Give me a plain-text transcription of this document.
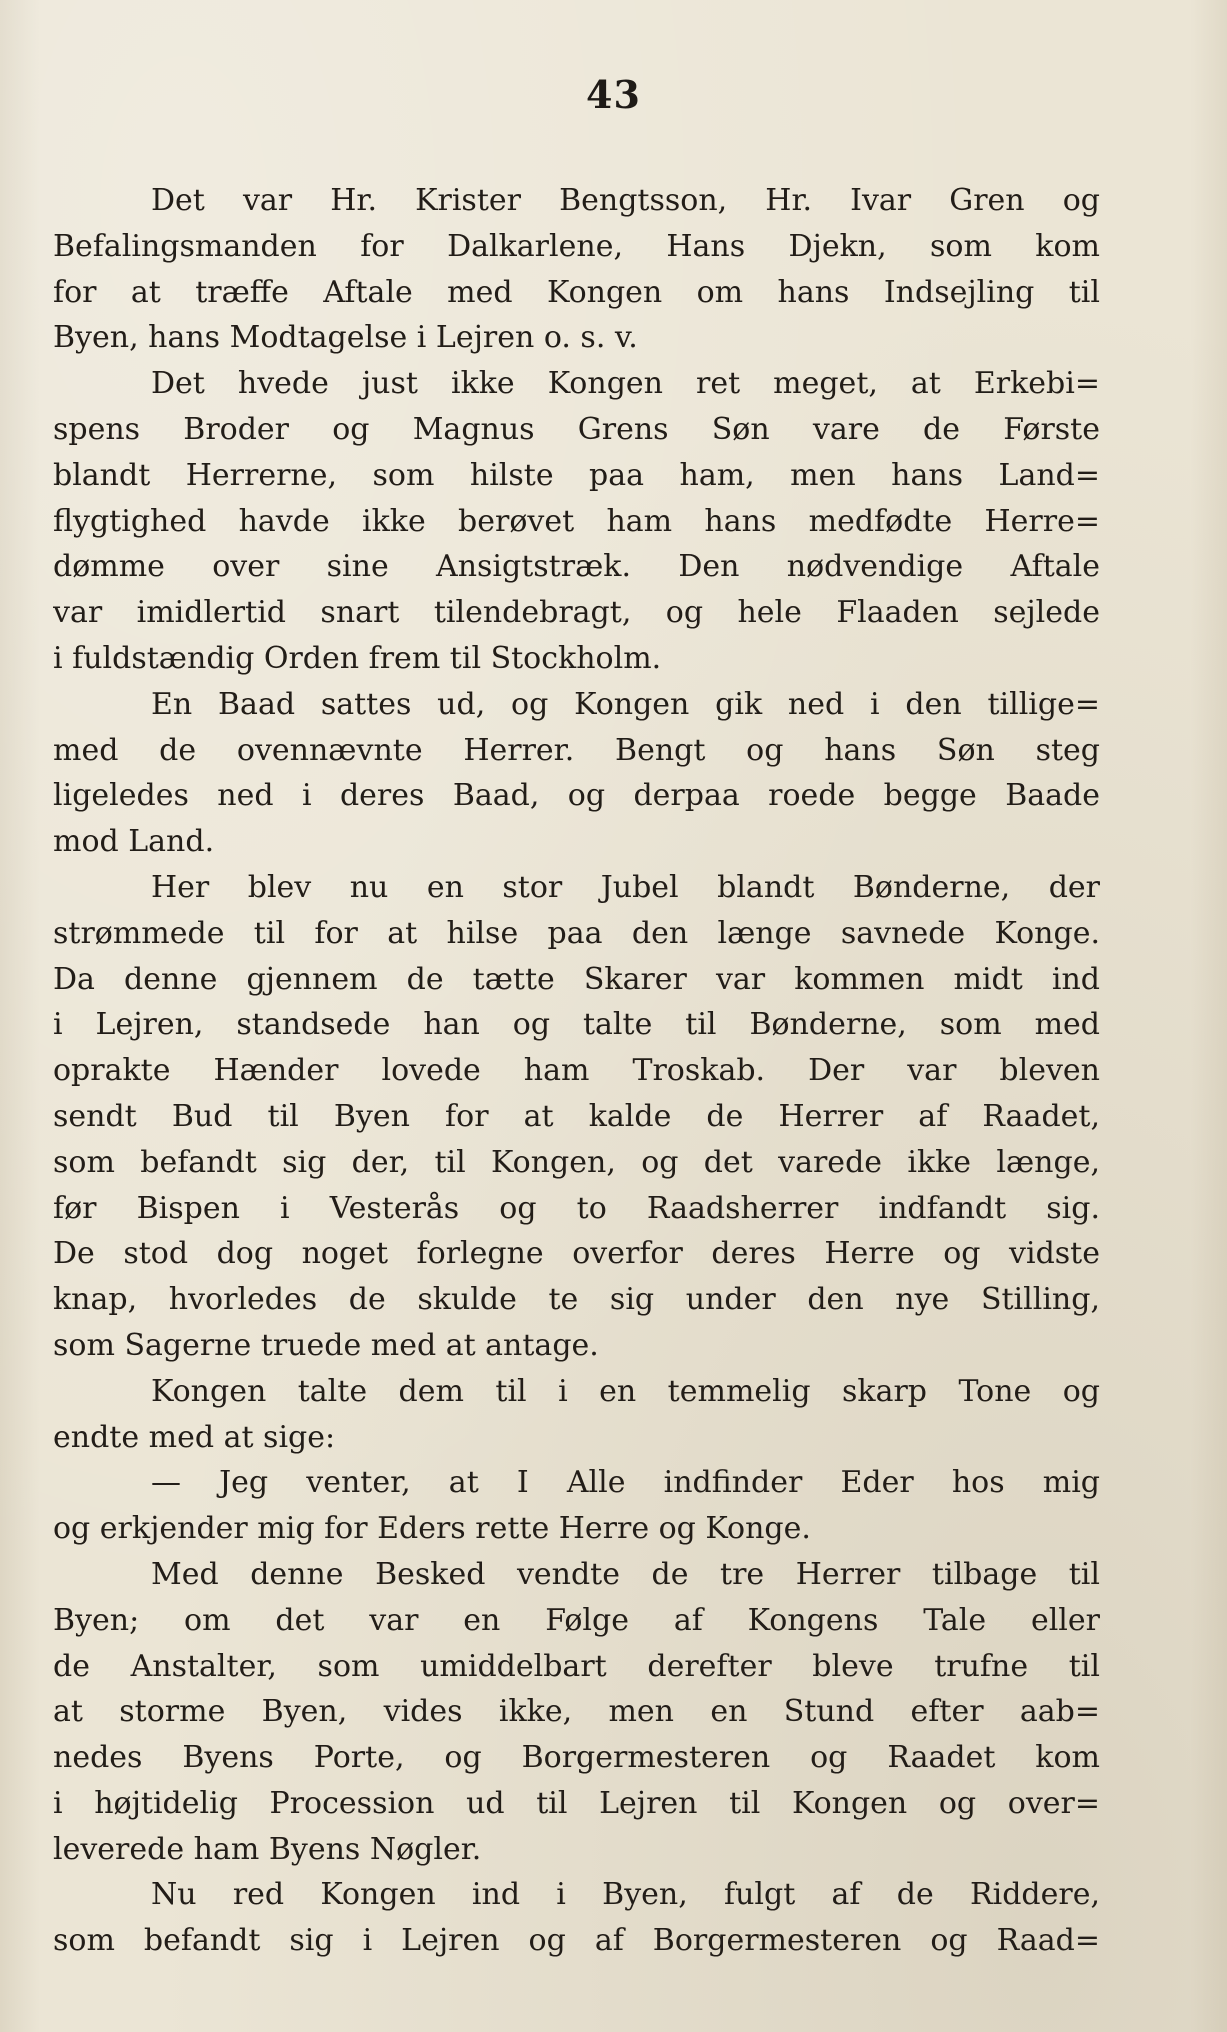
43
Det var Hr. Krister Bengtsson, Hr. Ivar Gren og
Befalingsmanden for Dalkarlene, Hans Djekn, som kom
for at træffe Aftale med Kongen om hans Indsejling til
Byen, hans Modtagelse i Lejren o. s. v.
Det hvede just ikke Kongen ret meget, at Erkebi=
spens Broder og Magnus Grens Søn vare de Første
blandt Herrerne, som hilste paa ham, men hans Land=
flygtighed havde ikke berøvet ham hans medfødte Herre=
dømme over sine Ansigtstræk. Den nødvendige Aftale
var imidlertid snart tilendebragt, og hele Flaaden sejlede
i fuldstændig Orden frem til Stockholm.
En Baad sattes ud, og Kongen gik ned i den tillige=
med de ovennævnte Herrer. Bengt og hans Søn steg
ligeledes ned i deres Baad, og derpaa roede begge Baade
mod Land.
Her blev nu en stor Jubel blandt Bønderne, der
strømmede til for at hilse paa den længe savnede Konge.
Da denne gjennem de tætte Skarer var kommen midt ind
i Lejren, standsede han og talte til Bønderne, som med
oprakte Hænder lovede ham Troskab. Der var bleven
sendt Bud til Byen for at kalde de Herrer af Raadet,
som befandt sig der, til Kongen, og det varede ikke længe,
før Bispen i Vesterås og to Raadsherrer indfandt sig.
De stod dog noget forlegne overfor deres Herre og vidste
knap, hvorledes de skulde te sig under den nye Stilling,
som Sagerne truede med at antage.
Kongen talte dem til i en temmelig skarp Tone og
endte med at sige:
— Jeg venter, at I Alle indfinder Eder hos mig
og erkjender mig for Eders rette Herre og Konge.
Med denne Besked vendte de tre Herrer tilbage til
Byen; om det var en Følge af Kongens Tale eller
de Anstalter, som umiddelbart derefter bleve trufne til
at storme Byen, vides ikke, men en Stund efter aab=
nedes Byens Porte, og Borgermesteren og Raadet kom
i højtidelig Procession ud til Lejren til Kongen og over=
leverede ham Byens Nøgler.
Nu red Kongen ind i Byen, fulgt af de Riddere,
som befandt sig i Lejren og af Borgermesteren og Raad=
